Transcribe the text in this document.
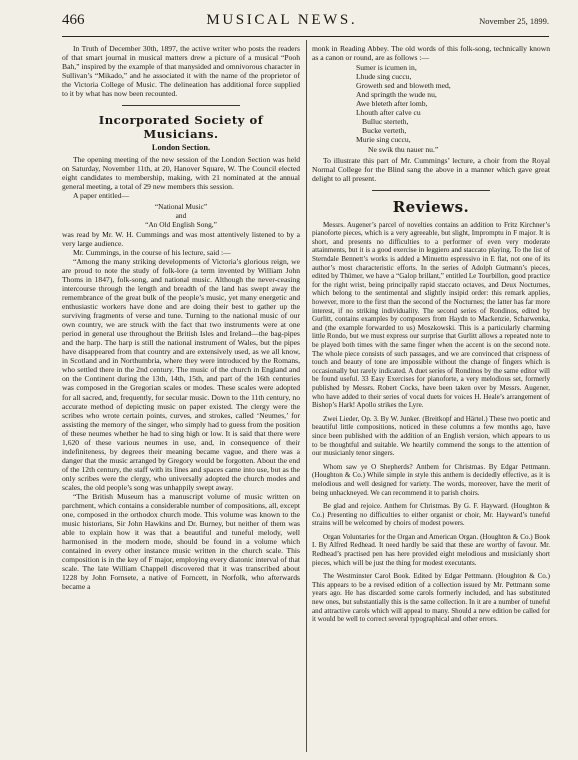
466	MUSICAL NEWS.	November 25, 1899.

In Truth of December 30th, 1897, the active writer who posts the readers of that smart journal in musical matters drew a picture of a musical “Pooh Bah,” inspired by the example of that manysided and omnivorous character in Sullivan’s “Mikado,” and he associated it with the name of the proprietor of the Victoria College of Music. The delineation has additional force supplied to it by what has now been recounted.

Incorporated Society of Musicians.
London Section.

The opening meeting of the new session of the London Section was held on Saturday, November 11th, at 20, Hanover Square, W. The Council elected eight candidates to membership, making, with 21 nominated at the annual general meeting, a total of 29 new members this session.

A paper entitled—

“National Music”
and
“An Old English Song,”

was read by Mr. W. H. Cummings and was most attentively listened to by a very large audience.

Mr. Cummings, in the course of his lecture, said :—

“Among the many striking developments of Victoria’s glorious reign, we are proud to note the study of folk-lore (a term invented by William John Thoms in 1847), folk-song, and national music. Although the never-ceasing intercourse through the length and breadth of the land has swept away the remembrance of the great bulk of the people’s music, yet many energetic and enthusiastic workers have done and are doing their best to gather up the surviving fragments of verse and tune. Turning to the national music of our own country, we are struck with the fact that two instruments were at one period in general use throughout the British Isles and Ireland—the bag-pipes and the harp. The harp is still the national instrument of Wales, but the pipes have disappeared from that country and are extensively used, as we all know, in Scotland and in Northumbria, where they were introduced by the Romans, who settled there in the 2nd century. The music of the church in England and on the Continent during the 13th, 14th, 15th, and part of the 16th centuries was composed in the Gregorian scales or modes. These scales were adopted for all sacred, and, frequently, for secular music. Down to the 11th century, no accurate method of depicting music on paper existed. The clergy were the scribes who wrote certain points, curves, and strokes, called ‘Neumes,’ for assisting the memory of the singer, who simply had to guess from the position of these neumes whether he had to sing high or low. It is said that there were 1,620 of these various neumes in use, and, in consequence of their indefiniteness, by degrees their meaning became vague, and there was a danger that the music arranged by Gregory would be forgotten. About the end of the 12th century, the staff with its lines and spaces came into use, but as the only scribes were the clergy, who universally adopted the church modes and scales, the old people’s song was unhappily swept away.

“The British Museum has a manuscript volume of music written on parchment, which contains a considerable number of compositions, all, except one, composed in the orthodox church mode. This volume was known to the music historians, Sir John Hawkins and Dr. Burney, but neither of them was able to explain how it was that a beautiful and tuneful melody, well harmonised in the modern mode, should be found in a volume which contained in every other instance music written in the church scale. This composition is in the key of F major, employing every diatonic interval of that scale. The late William Chappell discovered that it was transcribed about 1228 by John Fornsete, a native of Forncett, in Norfolk, who afterwards became a

monk in Reading Abbey. The old words of this folk-song, technically known as a canon or round, are as follows :—

Sumer is icumen in,
Lhude sing cuccu,
Groweth sed and bloweth med,
And springth the wude nu,
Awe bleteth after lomb,
Lhouth after calve cu
Bulluc sterteth,
Bucke verteth,
Murie sing cuccu,
Ne swik thu nauer nu.”

To illustrate this part of Mr. Cummings’ lecture, a choir from the Royal Normal College for the Blind sang the above in a manner which gave great delight to all present.

Reviews.

Messrs. Augener’s parcel of novelties contains an addition to Fritz Kirchner’s pianoforte pieces, which is a very agreeable, but slight, Impromptu in F major. It is short, and presents no difficulties to a performer of even very moderate attainments, but it is a good exercise in leggiero and staccato playing. To the list of Sterndale Bennett’s works is added a Minuetto espressivo in E flat, not one of its author’s most characteristic efforts. In the series of Adolph Gutmann’s pieces, edited by Thümer, we have a “Galop brillant,” entitled Le Tourbillon, good practice for the right wrist, being principally rapid staccato octaves, and Deux Nocturnes, which belong to the sentimental and slightly insipid order: this remark applies, however, more to the first than the second of the Nocturnes; the latter has far more interest, if no striking individuality. The second series of Rondinos, edited by Gurlitt, contains examples by composers from Haydn to Mackenzie, Scharwenka, and (the example forwarded to us) Moszkowski. This is a particularly charming little Rondo, but we must express our surprise that Gurlitt allows a repeated note to be played both times with the same finger when the accent is on the second note. The whole piece consists of such passages, and we are convinced that crispness of touch and beauty of tone are impossible without the change of fingers which is occasionally but rarely indicated. A duet series of Rondinos by the same editor will be found useful. 33 Easy Exercises for pianoforte, a very melodious set, formerly published by Messrs. Robert Cocks, have been taken over by Messrs. Augener, who have added to their series of vocal duets for voices H. Heale’s arrangement of Bishop’s Hark! Apollo strikes the Lyre.

Zwei Lieder, Op. 3. By W. Junker. (Breitkopf and Härtel.) These two poetic and beautiful little compositions, noticed in these columns a few months ago, have since been published with the addition of an English version, which appears to us to be thoughtful and suitable. We heartily commend the songs to the attention of our musicianly tenor singers.

Whom saw ye O Shepherds? Anthem for Christmas. By Edgar Pettmann. (Houghton & Co.) While simple in style this anthem is decidedly effective, as it is melodious and well designed for variety. The words, moreover, have the merit of being unhackneyed. We can recommend it to parish choirs.

Be glad and rejoice. Anthem for Christmas. By G. F. Hayward. (Houghton & Co.) Presenting no difficulties to either organist or choir, Mr. Hayward’s tuneful strains will be welcomed by choirs of modest powers.

Organ Voluntaries for the Organ and American Organ. (Houghton & Co.) Book I. By Alfred Redhead. It need hardly be said that these are worthy of favour. Mr. Redhead’s practised pen has here provided eight melodious and musicianly short pieces, which will be just the thing for modest executants.

The Westminster Carol Book. Edited by Edgar Pettmann. (Houghton & Co.) This appears to be a revised edition of a collection issued by Mr. Pettmann some years ago. He has discarded some carols formerly included, and has substituted new ones, but substantially this is the same collection. In it are a number of tuneful and attractive carols which will appeal to many. Should a new edition be called for it would be well to correct several typographical and other errors.
